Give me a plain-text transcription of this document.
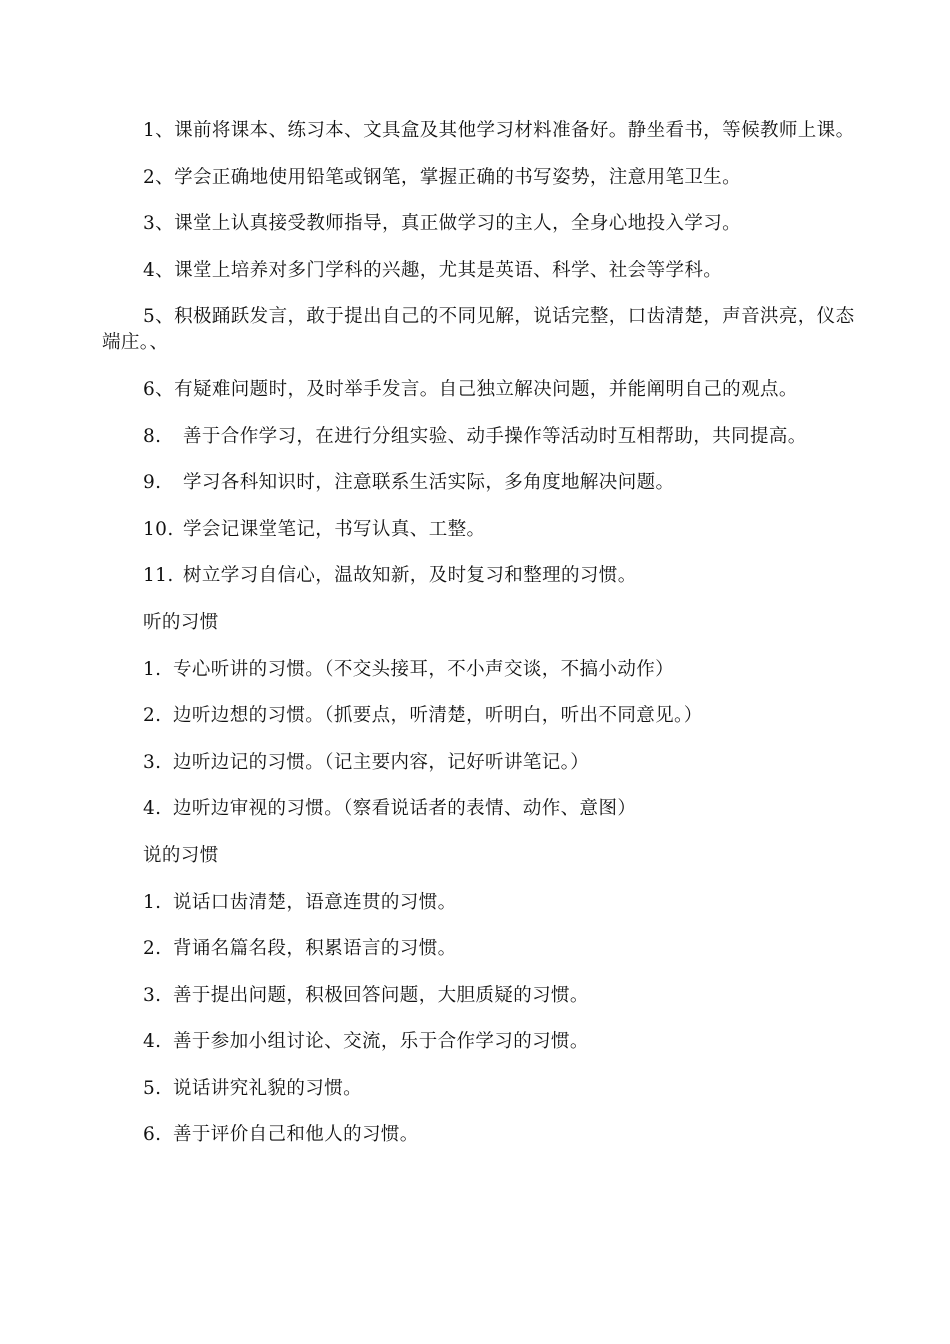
1、课前将课本、练习本、文具盒及其他学习材料准备好。静坐看书，等候教师上课。

2、学会正确地使用铅笔或钢笔，掌握正确的书写姿势，注意用笔卫生。

3、课堂上认真接受教师指导，真正做学习的主人，全身心地投入学习。

4、课堂上培养对多门学科的兴趣，尤其是英语、科学、社会等学科。

5、积极踊跃发言，敢于提出自己的不同见解，说话完整，口齿清楚，声音洪亮，仪态端庄。、

6、有疑难问题时，及时举手发言。自己独立解决问题，并能阐明自己的观点。

8. 善于合作学习，在进行分组实验、动手操作等活动时互相帮助，共同提高。

9. 学习各科知识时，注意联系生活实际，多角度地解决问题。

10. 学会记课堂笔记，书写认真、工整。

11. 树立学习自信心，温故知新，及时复习和整理的习惯。

听的习惯

1. 专心听讲的习惯。（不交头接耳，不小声交谈，不搞小动作）

2. 边听边想的习惯。（抓要点，听清楚，听明白，听出不同意见。）

3. 边听边记的习惯。（记主要内容，记好听讲笔记。）

4. 边听边审视的习惯。（察看说话者的表情、动作、意图）

说的习惯

1. 说话口齿清楚，语意连贯的习惯。

2. 背诵名篇名段，积累语言的习惯。

3. 善于提出问题，积极回答问题，大胆质疑的习惯。

4. 善于参加小组讨论、交流，乐于合作学习的习惯。

5. 说话讲究礼貌的习惯。

6. 善于评价自己和他人的习惯。
